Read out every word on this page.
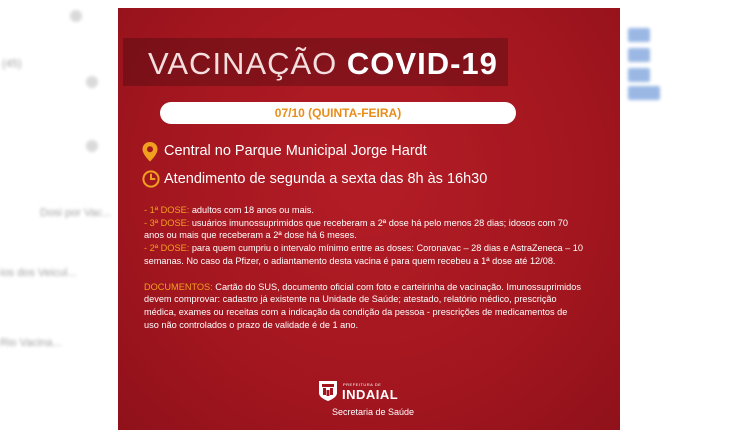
(45)
Dosi por Vac...
ios dos Veicul...
Rio Vacina...
VACINAÇÃO COVID-19
07/10 (QUINTA-FEIRA)
Central no Parque Municipal Jorge Hardt
Atendimento de segunda a sexta das 8h às 16h30

- 1ª DOSE: adultos com 18 anos ou mais.

- 3ª DOSE: usuários imunossuprimidos que receberam a 2ª dose há pelo menos 28 dias; idosos com 70 anos ou mais que receberam a 2ª dose há 6 meses.

- 2ª DOSE: para quem cumpriu o intervalo mínimo entre as doses: Coronavac – 28 dias e AstraZeneca – 10 semanas. No caso da Pfizer, o adiantamento desta vacina é para quem recebeu a 1ª dose até 12/08.

DOCUMENTOS: Cartão do SUS, documento oficial com foto e carteirinha de vacinação. Imunossuprimidos devem comprovar: cadastro já existente na Unidade de Saúde; atestado, relatório médico, prescrição médica, exames ou receitas com a indicação da condição da pessoa - prescrições de medicamentos de uso não controlados o prazo de validade é de 1 ano.

PREFEITURA DE
INDAIAL
Secretaria de Saúde
